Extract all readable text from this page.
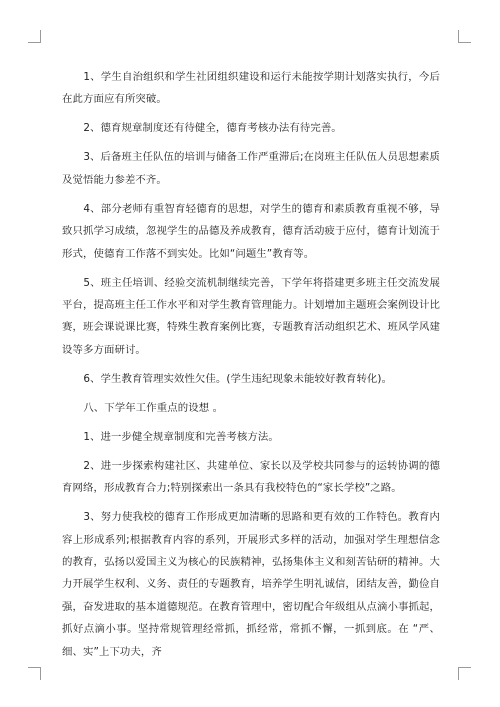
1、学生自治组织和学生社团组织建设和运行未能按学期计划落实执行，今后在此方面应有所突破。

2、德育规章制度还有待健全，德育考核办法有待完善。

3、后备班主任队伍的培训与储备工作严重滞后;在岗班主任队伍人员思想素质及觉悟能力参差不齐。

4、部分老师有重智育轻德育的思想，对学生的德育和素质教育重视不够，导致只抓学习成绩，忽视学生的品德及养成教育，德育活动疲于应付，德育计划流于形式，使德育工作落不到实处。比如“问题生”教育等。

5、班主任培训、经验交流机制继续完善，下学年将搭建更多班主任交流发展平台，提高班主任工作水平和对学生教育管理能力。计划增加主题班会案例设计比赛，班会课说课比赛，特殊生教育案例比赛，专题教育活动组织艺术、班风学风建设等多方面研讨。

6、学生教育管理实效性欠佳。(学生违纪现象未能较好教育转化)。

八、下学年工作重点的设想 。

1、进一步健全规章制度和完善考核方法。

2、进一步探索构建社区、共建单位、家长以及学校共同参与的运转协调的德育网络，形成教育合力;特别探索出一条具有我校特色的“家长学校”之路。

3、努力使我校的德育工作形成更加清晰的思路和更有效的工作特色。教育内容上形成系列;根据教育内容的系列，开展形式多样的活动，加强对学生理想信念的教育，弘扬以爱国主义为核心的民族精神，弘扬集体主义和刻苦钻研的精神。大力开展学生权利、义务、责任的专题教育，培养学生明礼诚信，团结友善，勤俭自强，奋发进取的基本道德规范。在教育管理中，密切配合年级组从点滴小事抓起， 抓好点滴小事。坚持常规管理经常抓，抓经常，常抓不懈，一抓到底。在 “严、细、实”上下功夫，齐
